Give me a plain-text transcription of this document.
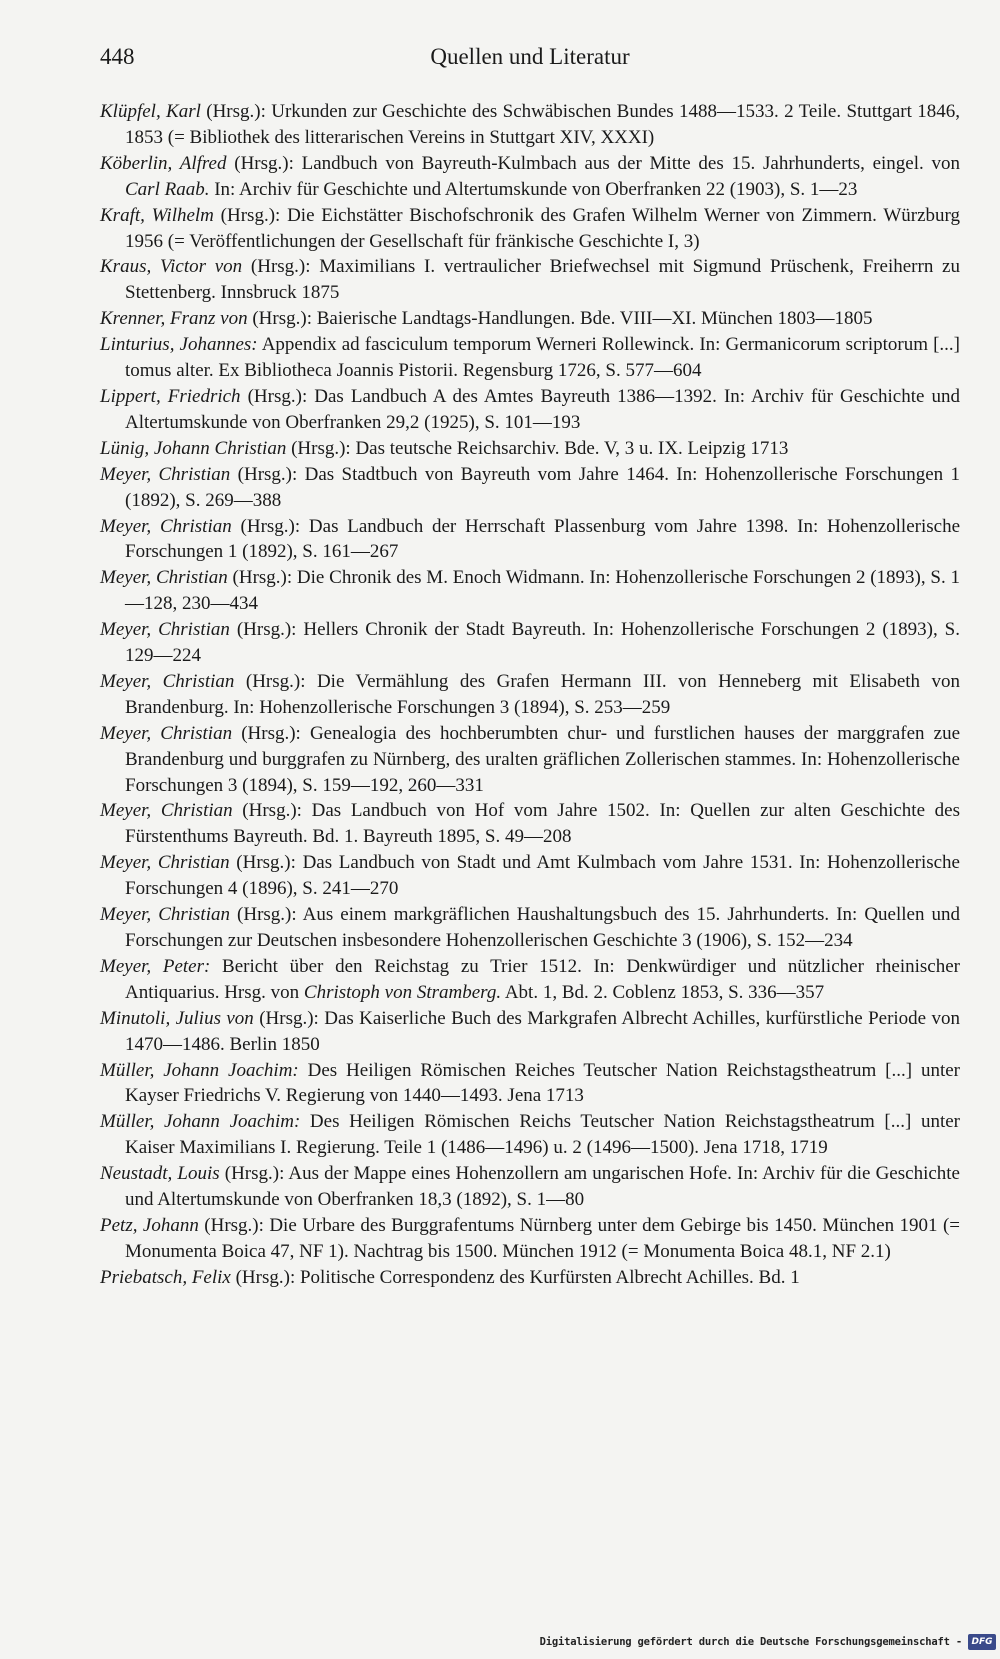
448	Quellen und Literatur

Klüpfel, Karl (Hrsg.): Urkunden zur Geschichte des Schwäbischen Bundes 1488—1533. 2 Teile. Stuttgart 1846, 1853 (= Bibliothek des litterarischen Vereins in Stuttgart XIV, XXXI)

Köberlin, Alfred (Hrsg.): Landbuch von Bayreuth-Kulmbach aus der Mitte des 15. Jahrhunderts, eingel. von Carl Raab. In: Archiv für Geschichte und Altertumskunde von Oberfranken 22 (1903), S. 1—23

Kraft, Wilhelm (Hrsg.): Die Eichstätter Bischofschronik des Grafen Wilhelm Werner von Zimmern. Würzburg 1956 (= Veröffentlichungen der Gesellschaft für fränkische Geschichte I, 3)

Kraus, Victor von (Hrsg.): Maximilians I. vertraulicher Briefwechsel mit Sigmund Prüschenk, Freiherrn zu Stettenberg. Innsbruck 1875

Krenner, Franz von (Hrsg.): Baierische Landtags-Handlungen. Bde. VIII—XI. München 1803—1805

Linturius, Johannes: Appendix ad fasciculum temporum Werneri Rollewinck. In: Germanicorum scriptorum [...] tomus alter. Ex Bibliotheca Joannis Pistorii. Regensburg 1726, S. 577—604

Lippert, Friedrich (Hrsg.): Das Landbuch A des Amtes Bayreuth 1386—1392. In: Archiv für Geschichte und Altertumskunde von Oberfranken 29,2 (1925), S. 101—193

Lünig, Johann Christian (Hrsg.): Das teutsche Reichsarchiv. Bde. V, 3 u. IX. Leipzig 1713

Meyer, Christian (Hrsg.): Das Stadtbuch von Bayreuth vom Jahre 1464. In: Hohenzollerische Forschungen 1 (1892), S. 269—388

Meyer, Christian (Hrsg.): Das Landbuch der Herrschaft Plassenburg vom Jahre 1398. In: Hohenzollerische Forschungen 1 (1892), S. 161—267

Meyer, Christian (Hrsg.): Die Chronik des M. Enoch Widmann. In: Hohenzollerische Forschungen 2 (1893), S. 1—128, 230—434

Meyer, Christian (Hrsg.): Hellers Chronik der Stadt Bayreuth. In: Hohenzollerische Forschungen 2 (1893), S. 129—224

Meyer, Christian (Hrsg.): Die Vermählung des Grafen Hermann III. von Henneberg mit Elisabeth von Brandenburg. In: Hohenzollerische Forschungen 3 (1894), S. 253—259

Meyer, Christian (Hrsg.): Genealogia des hochberumbten chur- und furstlichen hauses der marggrafen zue Brandenburg und burggrafen zu Nürnberg, des uralten gräflichen Zollerischen stammes. In: Hohenzollerische Forschungen 3 (1894), S. 159—192, 260—331

Meyer, Christian (Hrsg.): Das Landbuch von Hof vom Jahre 1502. In: Quellen zur alten Geschichte des Fürstenthums Bayreuth. Bd. 1. Bayreuth 1895, S. 49—208

Meyer, Christian (Hrsg.): Das Landbuch von Stadt und Amt Kulmbach vom Jahre 1531. In: Hohenzollerische Forschungen 4 (1896), S. 241—270

Meyer, Christian (Hrsg.): Aus einem markgräflichen Haushaltungsbuch des 15. Jahrhunderts. In: Quellen und Forschungen zur Deutschen insbesondere Hohenzollerischen Geschichte 3 (1906), S. 152—234

Meyer, Peter: Bericht über den Reichstag zu Trier 1512. In: Denkwürdiger und nützlicher rheinischer Antiquarius. Hrsg. von Christoph von Stramberg. Abt. 1, Bd. 2. Coblenz 1853, S. 336—357

Minutoli, Julius von (Hrsg.): Das Kaiserliche Buch des Markgrafen Albrecht Achilles, kurfürstliche Periode von 1470—1486. Berlin 1850

Müller, Johann Joachim: Des Heiligen Römischen Reiches Teutscher Nation Reichstagstheatrum [...] unter Kayser Friedrichs V. Regierung von 1440—1493. Jena 1713

Müller, Johann Joachim: Des Heiligen Römischen Reichs Teutscher Nation Reichstagstheatrum [...] unter Kaiser Maximilians I. Regierung. Teile 1 (1486—1496) u. 2 (1496—1500). Jena 1718, 1719

Neustadt, Louis (Hrsg.): Aus der Mappe eines Hohenzollern am ungarischen Hofe. In: Archiv für die Geschichte und Altertumskunde von Oberfranken 18,3 (1892), S. 1—80

Petz, Johann (Hrsg.): Die Urbare des Burggrafentums Nürnberg unter dem Gebirge bis 1450. München 1901 (= Monumenta Boica 47, NF 1). Nachtrag bis 1500. München 1912 (= Monumenta Boica 48.1, NF 2.1)

Priebatsch, Felix (Hrsg.): Politische Correspondenz des Kurfürsten Albrecht Achilles. Bd. 1

Digitalisierung gefördert durch die Deutsche Forschungsgemeinschaft -	DFG
